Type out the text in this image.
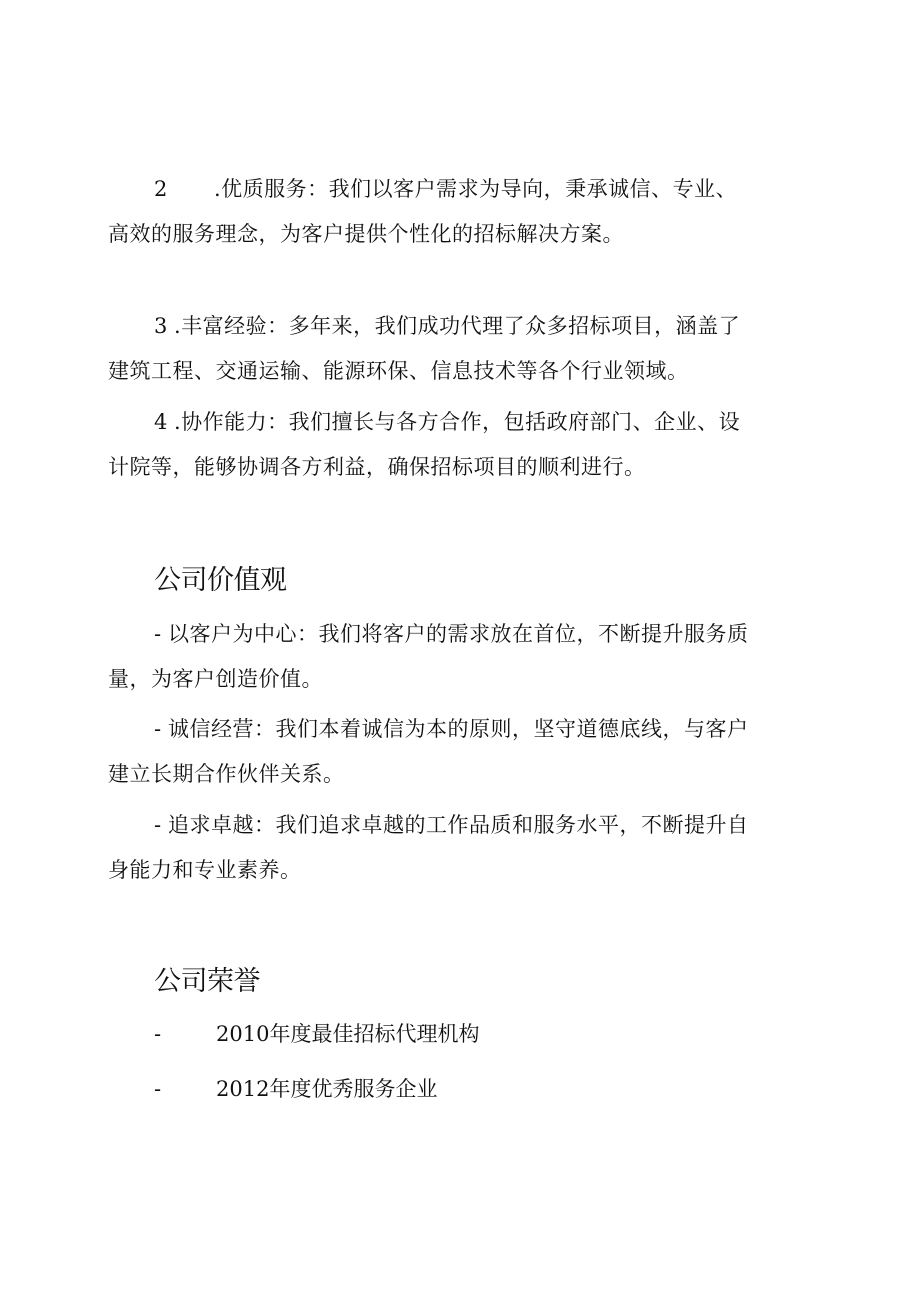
2 .优质服务：我们以客户需求为导向，秉承诚信、专业、
高效的服务理念，为客户提供个性化的招标解决方案。
3 .丰富经验：多年来，我们成功代理了众多招标项目，涵盖了
建筑工程、交通运输、能源环保、信息技术等各个行业领域。
4 .协作能力：我们擅长与各方合作，包括政府部门、企业、设
计院等，能够协调各方利益，确保招标项目的顺利进行。
公司价值观
- 以客户为中心：我们将客户的需求放在首位，不断提升服务质
量，为客户创造价值。
- 诚信经营：我们本着诚信为本的原则，坚守道德底线，与客户
建立长期合作伙伴关系。
- 追求卓越：我们追求卓越的工作品质和服务水平，不断提升自
身能力和专业素养。
公司荣誉
-	2010年度最佳招标代理机构
-	2012年度优秀服务企业
